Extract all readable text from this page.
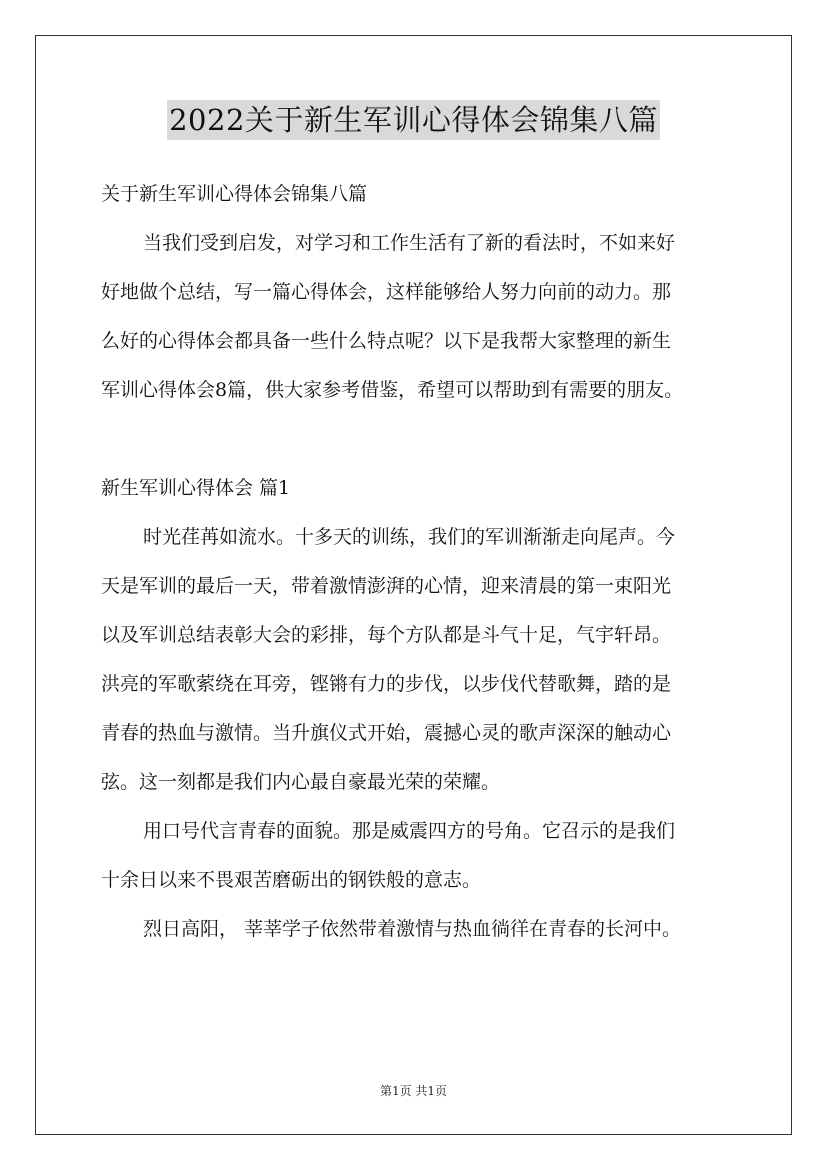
2022关于新生军训心得体会锦集八篇
关于新生军训心得体会锦集八篇
当我们受到启发，对学习和工作生活有了新的看法时，不如来好
好地做个总结，写一篇心得体会，这样能够给人努力向前的动力。那
么好的心得体会都具备一些什么特点呢？以下是我帮大家整理的新生
军训心得体会8篇，供大家参考借鉴，希望可以帮助到有需要的朋友。
新生军训心得体会 篇1
时光荏苒如流水。十多天的训练，我们的军训渐渐走向尾声。今
天是军训的最后一天，带着激情澎湃的心情，迎来清晨的第一束阳光
以及军训总结表彰大会的彩排，每个方队都是斗气十足，气宇轩昂。
洪亮的军歌萦绕在耳旁，铿锵有力的步伐，以步伐代替歌舞，踏的是
青春的热血与激情。当升旗仪式开始，震撼心灵的歌声深深的触动心
弦。这一刻都是我们内心最自豪最光荣的荣耀。
用口号代言青春的面貌。那是威震四方的号角。它召示的是我们
十余日以来不畏艰苦磨砺出的钢铁般的意志。
烈日高阳， 莘莘学子依然带着激情与热血徜徉在青春的长河中。
第1页 共1页
